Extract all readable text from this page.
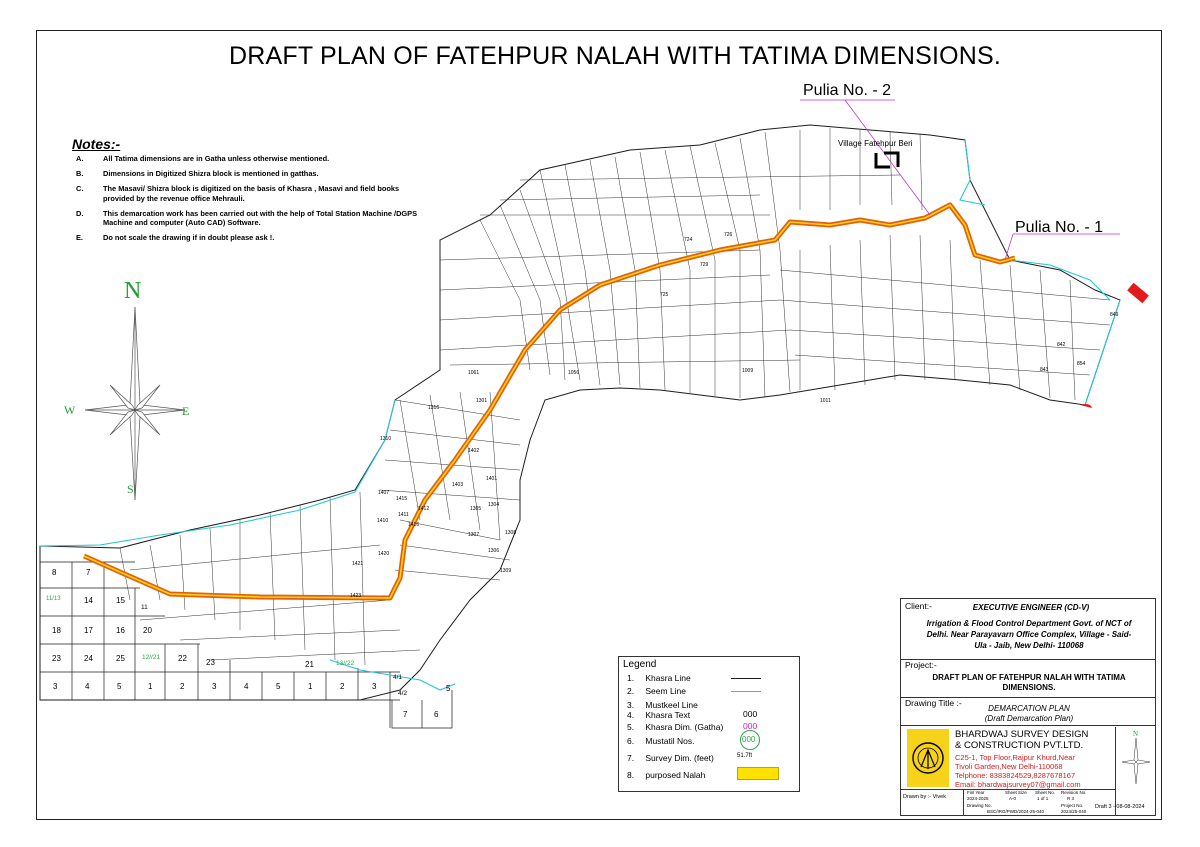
DRAFT PLAN OF FATEHPUR NALAH WITH TATIMA DIMENSIONS.
Notes:-
A.	All Tatima dimensions are in Gatha unless otherwise mentioned.
B.	Dimensions in Digitized Shizra block is mentioned in gatthas.
C.	The Masavi/ Shizra block is digitized on the basis of Khasra , Masavi and field books provided by the revenue office Mehrauli.
D.	This demarcation work has been carried out with the help of Total Station Machine /DGPS Machine and computer (Auto CAD) Software.
E.	Do not scale the drawing if in doubt please ask !.
N
W	E
S
724
725
726
729
1009
1011
1056
1061
1301
1310
1316
1401
1402
1403
1407
1410
1411
1412
1415
1416
1420
1421
1423
842
843
849
854
1304
1305
1306
1307	1308
1309
8	7
11/13	14	15
18	17	16 20
23	24	25	12//21 22 23	21	13//22
3	4	5	1	2	3	4	5	1	2	3
7	6
4/1
4/2
5
11
Pulia No. - 2
Pulia No. - 1
Village Fatehpur Beri
Legend
1. Khasra Line
2. Seem Line
3. Mustkeel Line
4. Khasra Text	000
5. Khasra Dim. (Gatha) 000
6. Mustatil Nos.	000
7. Survey Dim. (feet)	51.7ft
8. purposed Nalah
Client:-	EXECUTIVE ENGINEER (CD-V)
Irrigation & Flood Control Department Govt. of NCT of
Delhi. Near Parayavarn Office Complex, Village - Said-
Ula - Jaib, New Delhi- 110068
Project:-
DRAFT PLAN OF FATEHPUR NALAH WITH TATIMA
DIMENSIONS.
Drawing Title :-
DEMARCATION PLAN
(Draft Demarcation Plan)
BHARDWAJ SURVEY DESIGN
& CONSTRUCTION PVT.LTD.
C25-1, Top Floor,Rajpur Khurd,Near
Tivoli Garden,New Delhi-110068
Telphone: 8383824529,8287678167
Email: bhardwajsurvey07@gmail.com
N
Drawn by :- Vivek
Finl Year
2024-2025
Sheet Size
A-0
Sheet No.
1 of 1
Revision No.
R 3
Drawing No.
BSC/IRG/PWD/2024-25-040
Project No.
2024/25-040
Draft 3 - 08-08-2024
